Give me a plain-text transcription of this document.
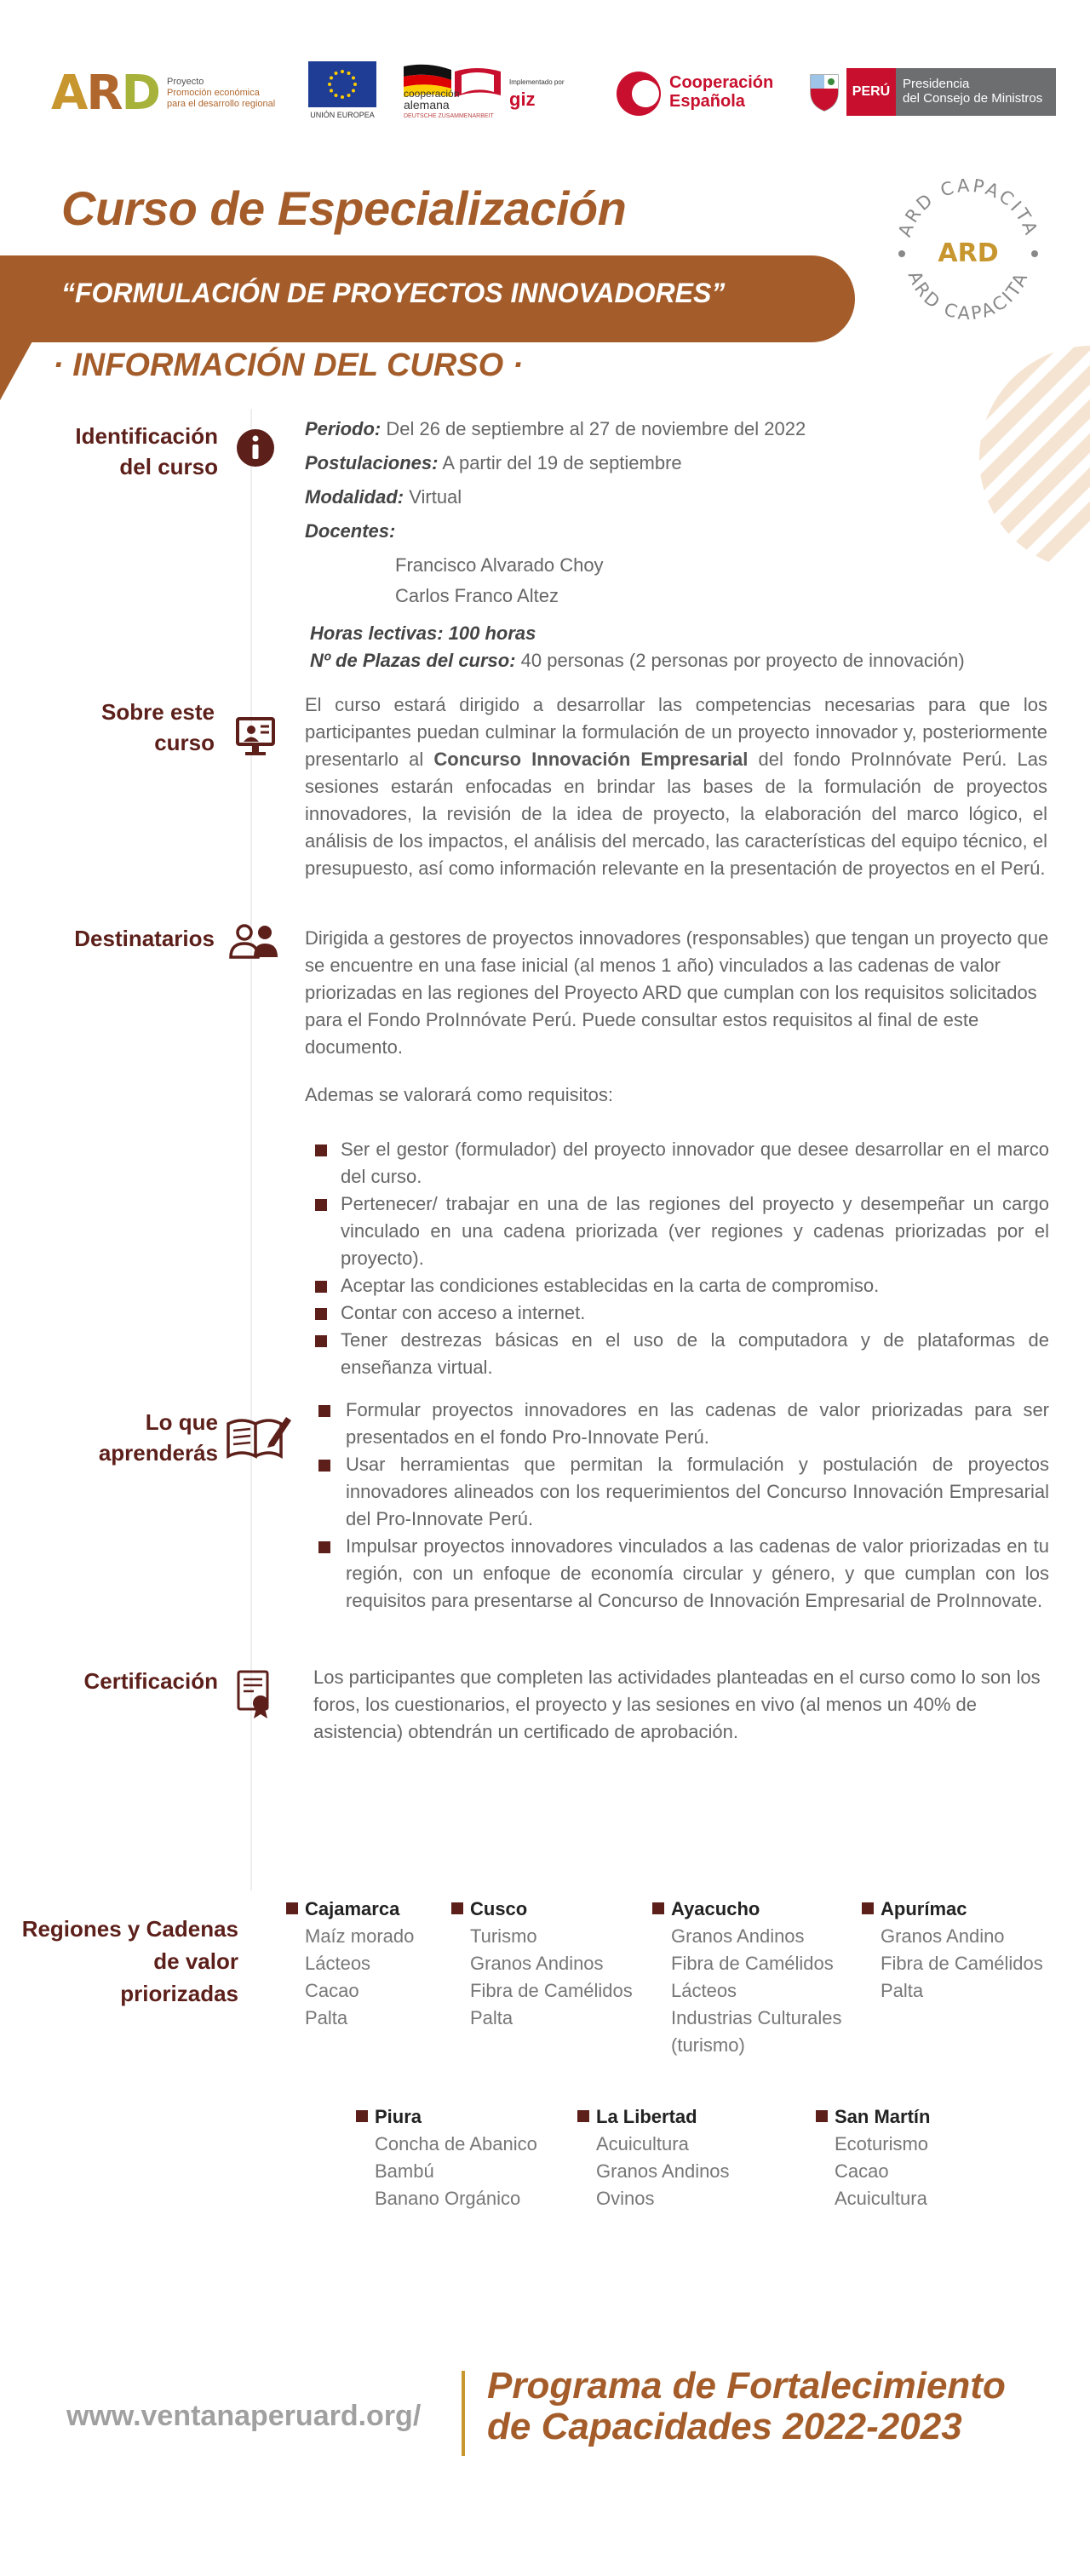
ARD Proyecto
Promoción económica
para el desarrollo regional
UNIÓN EUROPEA
cooperación
alemana
DEUTSCHE ZUSAMMENARBEIT
Implementado por
giz
Cooperación
Española
PERÚ
Presidencia
del Consejo de Ministros
Curso de Especialización
“FORMULACIÓN DE PROYECTOS INNOVADORES”
· INFORMACIÓN DEL CURSO ·
ARD CAPACITA
ARD CAPACITA
ARD
Identificación
del curso
Periodo: Del 26 de septiembre al 27 de noviembre del 2022
Postulaciones: A partir del 19 de septiembre
Modalidad: Virtual
Docentes:
Francisco Alvarado Choy
Carlos Franco Altez
Horas lectivas: 100 horas
Nº de Plazas del curso: 40 personas (2 personas por proyecto de innovación)
Sobre este
curso
El curso estará dirigido a desarrollar las competencias necesarias para que los participantes puedan culminar la formulación de un proyecto innovador y, posteriormente presentarlo al Concurso Innovación Empresarial del fondo ProInnóvate Perú. Las sesiones estarán enfocadas en brindar las bases de la formulación de proyectos innovadores, la revisión de la idea de proyecto, la elaboración del marco lógico, el análisis de los impactos, el análisis del mercado, las características del equipo técnico, el presupuesto, así como información relevante en la presentación de proyectos en el Perú.
Destinatarios	Dirigida a gestores de proyectos innovadores (responsables) que tengan un proyecto que se encuentre en una fase inicial (al menos 1 año) vinculados a las cadenas de valor priorizadas en las regiones del Proyecto ARD que cumplan con los requisitos solicitados para el Fondo ProInnóvate Perú. Puede consultar estos requisitos al final de este documento.
Ademas se valorará como requisitos:
Ser el gestor (formulador) del proyecto innovador que desee desarrollar en el marco del curso.
Pertenecer/ trabajar en una de las regiones del proyecto y desempeñar un cargo vinculado en una cadena priorizada (ver regiones y cadenas priorizadas por el proyecto).
Aceptar las condiciones establecidas en la carta de compromiso.
Contar con acceso a internet.
Tener destrezas básicas en el uso de la computadora y de plataformas de enseñanza virtual.
Lo que
aprenderás
Formular proyectos innovadores en las cadenas de valor priorizadas para ser presentados en el fondo Pro-Innovate Perú.
Usar herramientas que permitan la formulación y postulación de proyectos innovadores alineados con los requerimientos del Concurso Innovación Empresarial del Pro-Innovate Perú.
Impulsar proyectos innovadores vinculados a las cadenas de valor priorizadas en tu región, con un enfoque de economía circular y género, y que cumplan con los requisitos para presentarse al Concurso de Innovación Empresarial de ProInnovate.
Certificación	Los participantes que completen las actividades planteadas en el curso como lo son los foros, los cuestionarios, el proyecto y las sesiones en vivo (al menos un 40% de asistencia) obtendrán un certificado de aprobación.
Regiones y Cadenas
de valor
priorizadas
Cajamarca
Maíz morado
Lácteos
Cacao
Palta
Cusco
Turismo
Granos Andinos
Fibra de Camélidos
Palta
Ayacucho
Granos Andinos
Fibra de Camélidos
Lácteos
Industrias Culturales
(turismo)
Apurímac
Granos Andino
Fibra de Camélidos
Palta
Piura
Concha de Abanico
Bambú
Banano Orgánico
La Libertad
Acuicultura
Granos Andinos
Ovinos
San Martín
Ecoturismo
Cacao
Acuicultura
www.ventanaperuard.org/
Programa de Fortalecimiento
de Capacidades 2022-2023
